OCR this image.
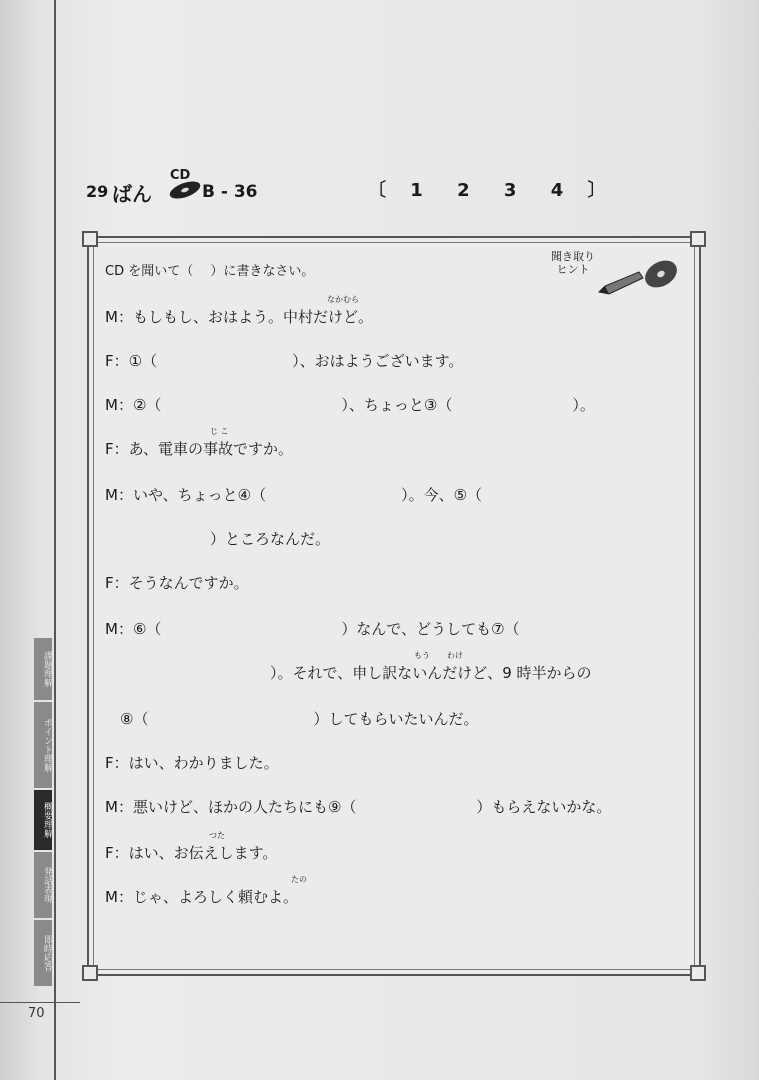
課題理解
ポイント理解
概要理解
発話表現
即時応答
70
29 ばん
CD
B - 36	〔 1 2 3 4 〕
CD を聞いて（　 ）に書きなさい。
聞き取り
ヒント
M：もしもし、おはよう。中村だけど。
F：①（　　　　　　　　　）、おはようございます。
M：②（　　　　　　　　　　　　）、ちょっと③（　　　　　　　　）。
F：あ、電車の事故ですか。
M：いや、ちょっと④（　　　　　　　　　）。今、⑤（
　　　　　　　）ところなんだ。
F：そうなんですか。
M：⑥（　　　　　　　　　　　　）なんで、どうしても⑦（
　　　　　　　　　　　）。それで、申し訳ないんだけど、9 時半からの
　⑧（　　　　　　　　　　　）してもらいたいんだ。
F：はい、わかりました。
M：悪いけど、ほかの人たちにも⑨（　　　　　　　　）もらえないかな。
F：はい、お伝えします。
M：じゃ、よろしく頼むよ。
なかむら
じ こ
もう わけ
つた
たの
